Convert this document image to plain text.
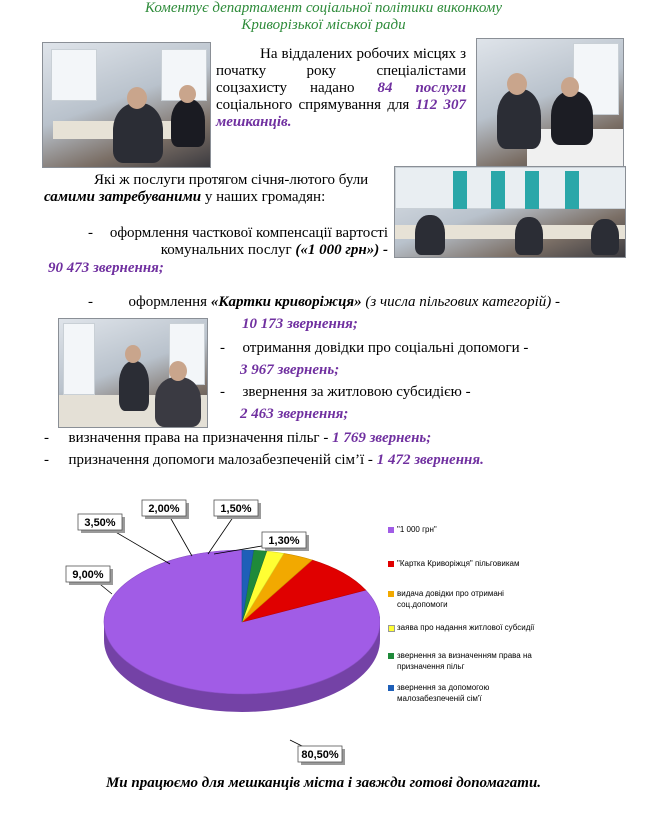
Коментує департамент соціальної політики виконкому
Криворізької міської ради
На віддалених робочих місцях з початку року спеціалістами соцзахисту надано 84 послуги соціального спрямування для 112 307 мешканців.
Які ж послуги протягом січня-лютого були самими затребуваними у наших громадян:
- оформлення часткової компенсації вартості комунальних послуг («1 000 грн») -
90 473 звернення;
- оформлення «Картки криворіжця» (з числа пільгових категорій) -
10 173 звернення;
- отримання довідки про соціальні допомоги -
3 967 звернень;
- звернення за житловою субсидією -
2 463 звернення;
- визначення права на призначення пільг - 1 769 звернень;
- призначення допомоги малозабезпеченій сім’ї - 1 472 звернення.
80,50%
9,00%
3,50%
2,00%	1,50%
1,30%
"1 000 грн"
"Картка Криворіжця" пільговикам
видача довідки про отримані соц.допомоги
заява про надання житлової субсидії
звернення за визначенням права на призначення пільг
звернення за допомогою малозабезпеченій сім'ї
Ми працюємо для мешканців міста і завжди готові допомагати.
